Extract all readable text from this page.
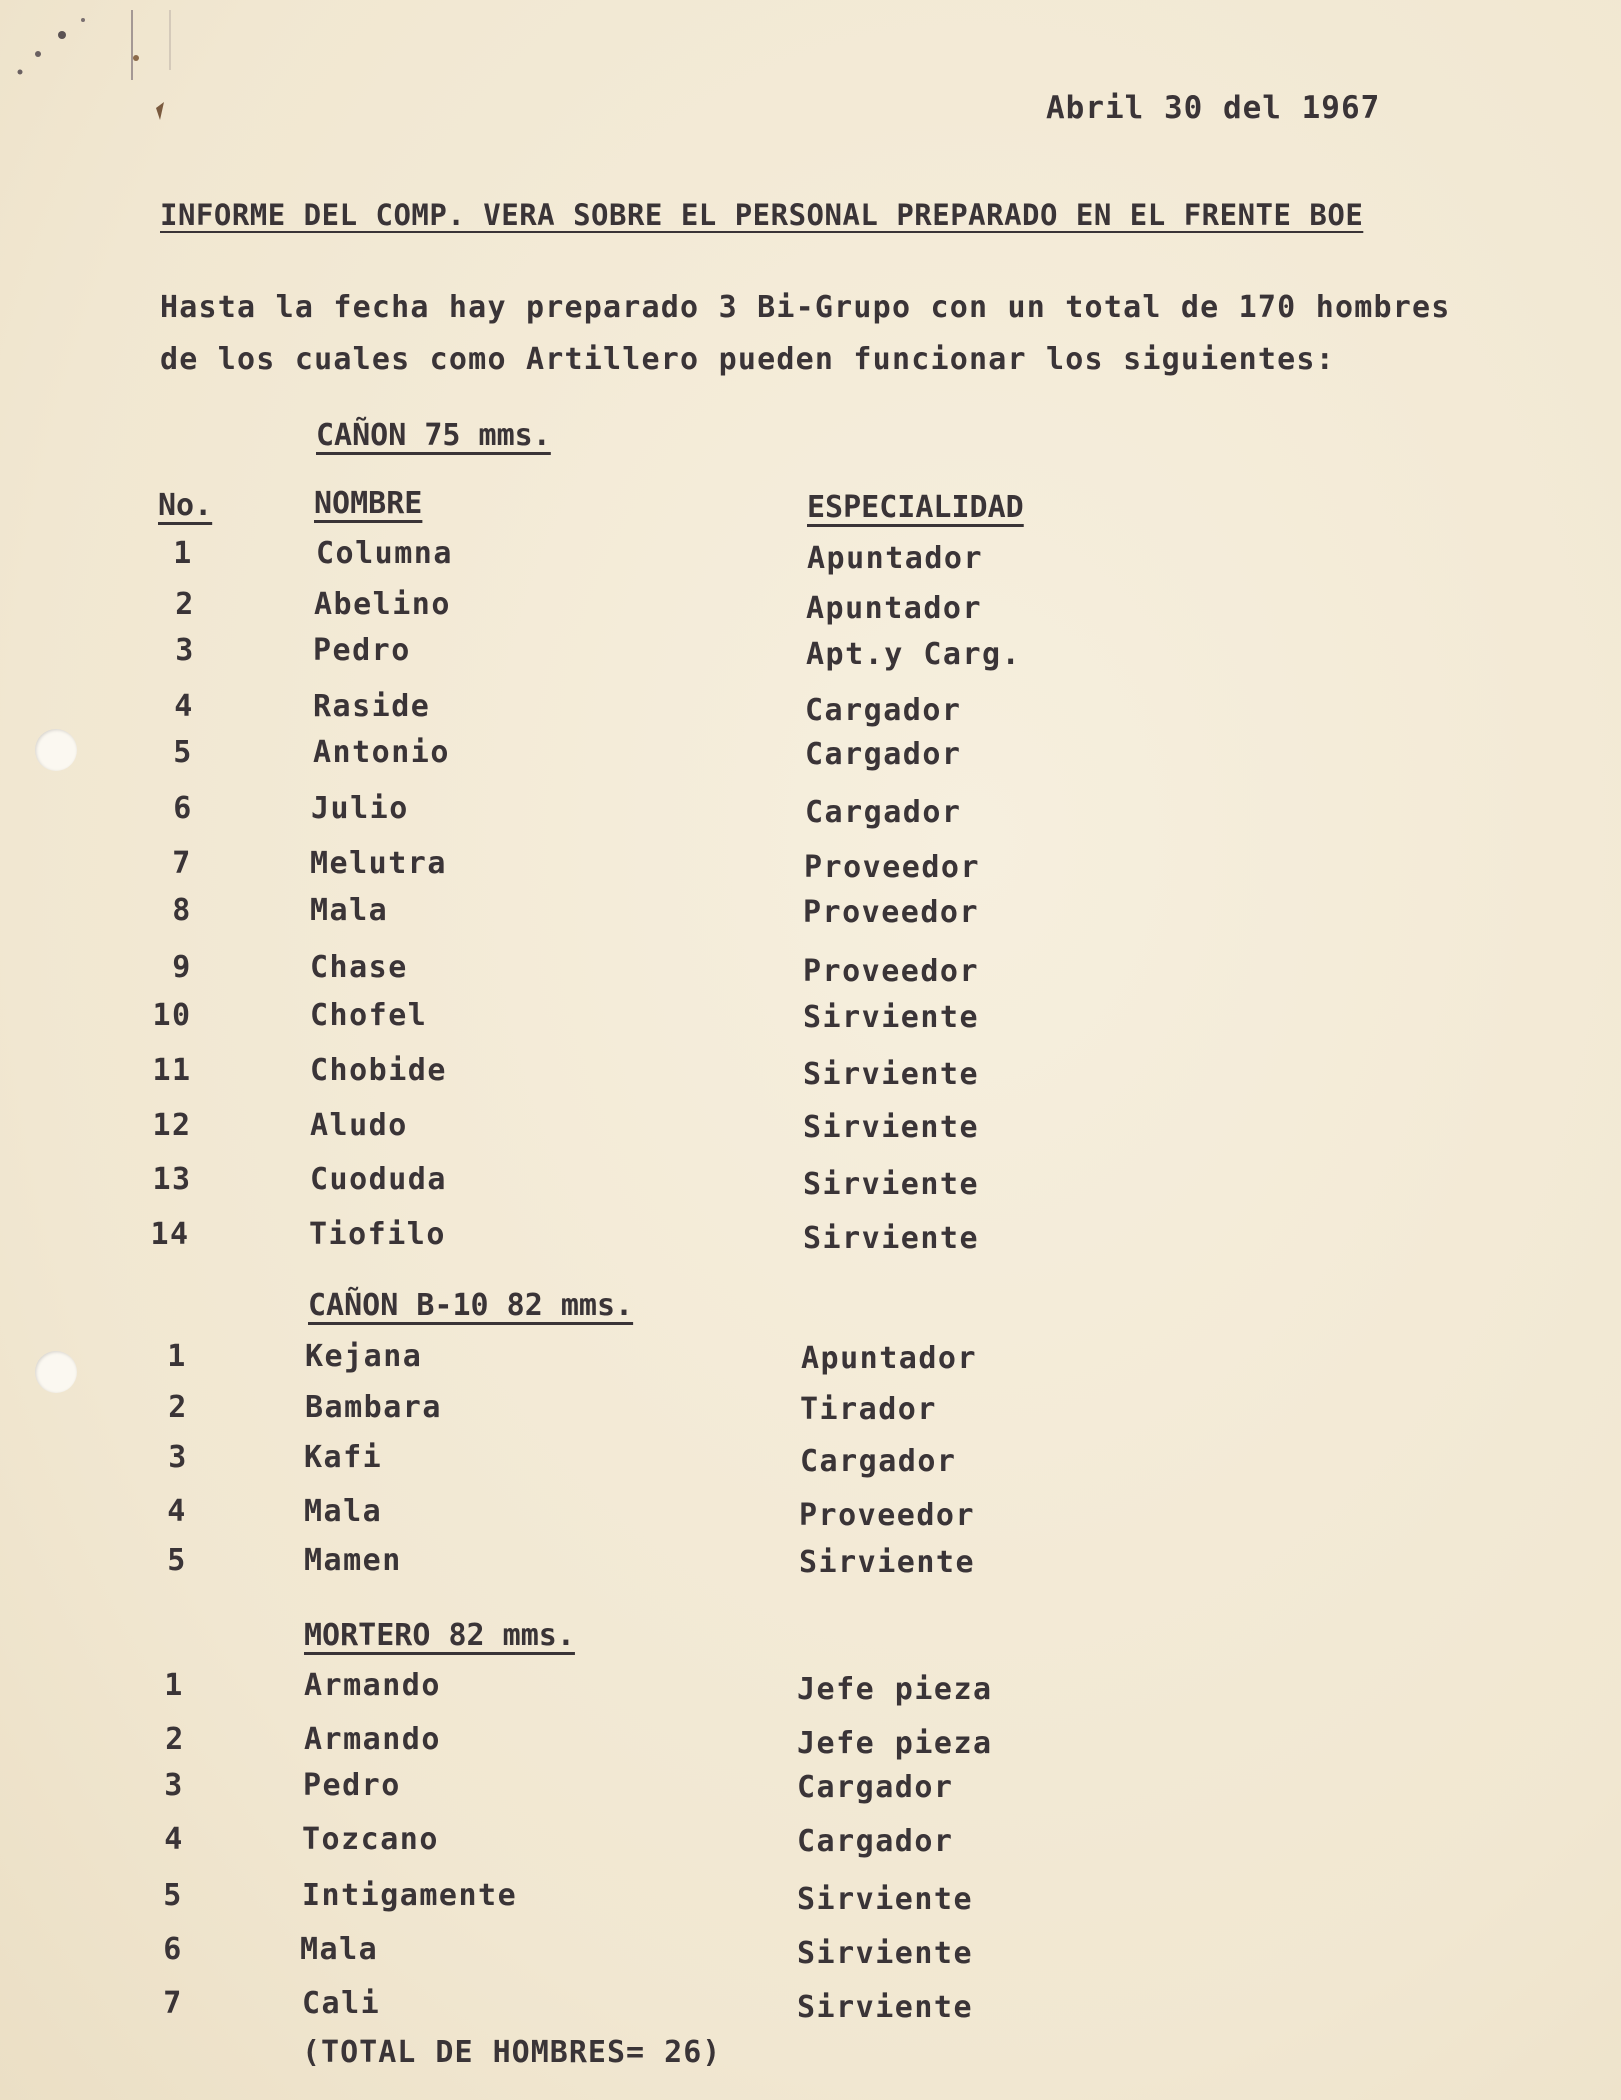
Abril 30 del 1967
INFORME DEL COMP. VERA SOBRE EL PERSONAL PREPARADO EN EL FRENTE BOE
Hasta la fecha hay preparado 3 Bi-Grupo con un total de 170 hombres
de los cuales como Artillero pueden funcionar los siguientes:
CAÑON 75 mms.
No.	NOMBRE	ESPECIALIDAD
1	Columna	Apuntador
2	Abelino	Apuntador
3	Pedro	Apt.y Carg.
4	Raside	Cargador
5	Antonio	Cargador
6	Julio	Cargador
7	Melutra	Proveedor
8	Mala	Proveedor
9	Chase	Proveedor
10	Chofel	Sirviente
11	Chobide	Sirviente
12	Aludo	Sirviente
13	Cuoduda	Sirviente
14	Tiofilo	Sirviente
CAÑON B-10 82 mms.
1	Kejana	Apuntador
2	Bambara	Tirador
3	Kafi	Cargador
4	Mala	Proveedor
5	Mamen	Sirviente
MORTERO 82 mms.
1	Armando	Jefe pieza
2	Armando	Jefe pieza
3	Pedro	Cargador
4	Tozcano	Cargador
5	Intigamente	Sirviente
6	Mala	Sirviente
7	Cali	Sirviente
(TOTAL DE HOMBRES= 26)
